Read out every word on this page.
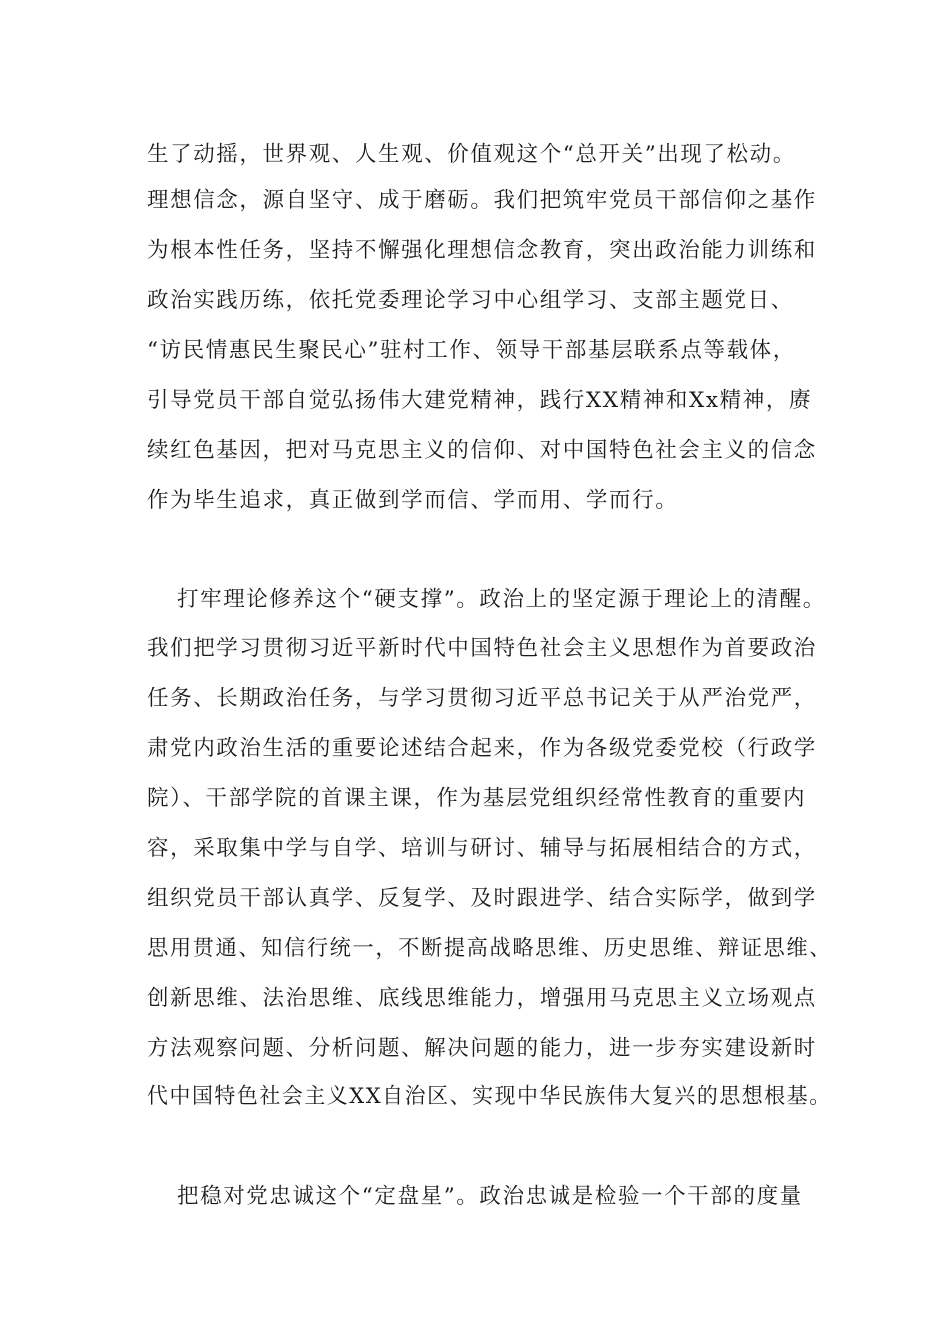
生了动摇，世界观、人生观、价值观这个“总开关”出现了松动。
理想信念，源自坚守、成于磨砺。我们把筑牢党员干部信仰之基作
为根本性任务，坚持不懈强化理想信念教育，突出政治能力训练和
政治实践历练，依托党委理论学习中心组学习、支部主题党日、
“访民情惠民生聚民心”驻村工作、领导干部基层联系点等载体，
引导党员干部自觉弘扬伟大建党精神，践行XX精神和Xx精神，赓
续红色基因，把对马克思主义的信仰、对中国特色社会主义的信念
作为毕生追求，真正做到学而信、学而用、学而行。
打牢理论修养这个“硬支撑”。政治上的坚定源于理论上的清醒。
我们把学习贯彻习近平新时代中国特色社会主义思想作为首要政治
任务、长期政治任务，与学习贯彻习近平总书记关于从严治党严，
肃党内政治生活的重要论述结合起来，作为各级党委党校（行政学
院）、干部学院的首课主课，作为基层党组织经常性教育的重要内
容，采取集中学与自学、培训与研讨、辅导与拓展相结合的方式，
组织党员干部认真学、反复学、及时跟进学、结合实际学，做到学
思用贯通、知信行统一，不断提高战略思维、历史思维、辩证思维、
创新思维、法治思维、底线思维能力，增强用马克思主义立场观点
方法观察问题、分析问题、解决问题的能力，进一步夯实建设新时
代中国特色社会主义XX自治区、实现中华民族伟大复兴的思想根基。
把稳对党忠诚这个“定盘星”。政治忠诚是检验一个干部的度量
